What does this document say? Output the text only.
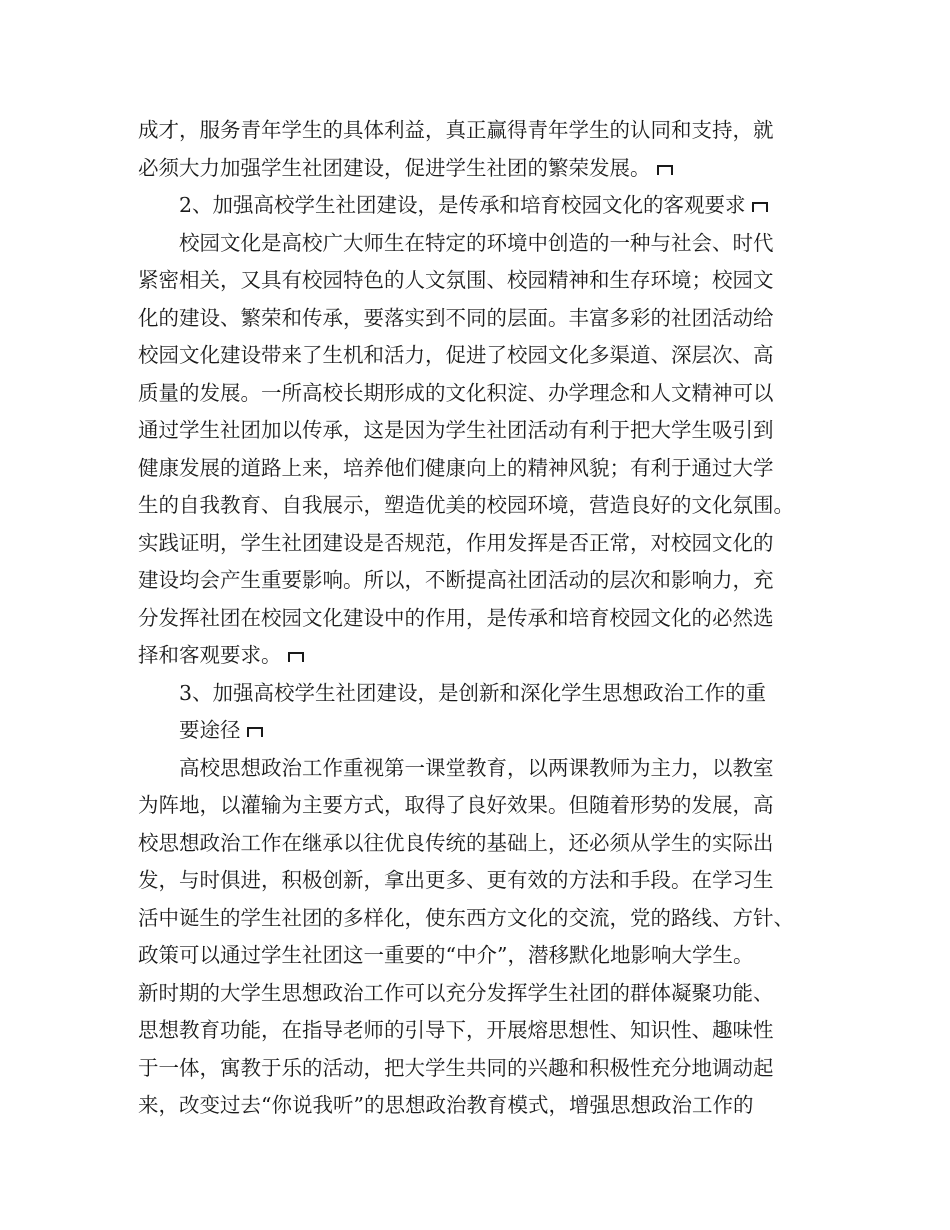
成才，服务青年学生的具体利益，真正赢得青年学生的认同和支持，就
必须大力加强学生社团建设，促进学生社团的繁荣发展。
2、加强高校学生社团建设，是传承和培育校园文化的客观要求
校园文化是高校广大师生在特定的环境中创造的一种与社会、时代
紧密相关，又具有校园特色的人文氛围、校园精神和生存环境；校园文
化的建设、繁荣和传承，要落实到不同的层面。丰富多彩的社团活动给
校园文化建设带来了生机和活力，促进了校园文化多渠道、深层次、高
质量的发展。一所高校长期形成的文化积淀、办学理念和人文精神可以
通过学生社团加以传承，这是因为学生社团活动有利于把大学生吸引到
健康发展的道路上来，培养他们健康向上的精神风貌；有利于通过大学
生的自我教育、自我展示，塑造优美的校园环境，营造良好的文化氛围。
实践证明，学生社团建设是否规范，作用发挥是否正常，对校园文化的
建设均会产生重要影响。所以，不断提高社团活动的层次和影响力，充
分发挥社团在校园文化建设中的作用，是传承和培育校园文化的必然选
择和客观要求。
3、加强高校学生社团建设，是创新和深化学生思想政治工作的重
要途径
高校思想政治工作重视第一课堂教育，以两课教师为主力，以教室
为阵地，以灌输为主要方式，取得了良好效果。但随着形势的发展，高
校思想政治工作在继承以往优良传统的基础上，还必须从学生的实际出
发，与时俱进，积极创新，拿出更多、更有效的方法和手段。在学习生
活中诞生的学生社团的多样化，使东西方文化的交流，党的路线、方针、
政策可以通过学生社团这一重要的“中介”，潜移默化地影响大学生。
新时期的大学生思想政治工作可以充分发挥学生社团的群体凝聚功能、
思想教育功能，在指导老师的引导下，开展熔思想性、知识性、趣味性
于一体，寓教于乐的活动，把大学生共同的兴趣和积极性充分地调动起
来，改变过去“你说我听”的思想政治教育模式，增强思想政治工作的
